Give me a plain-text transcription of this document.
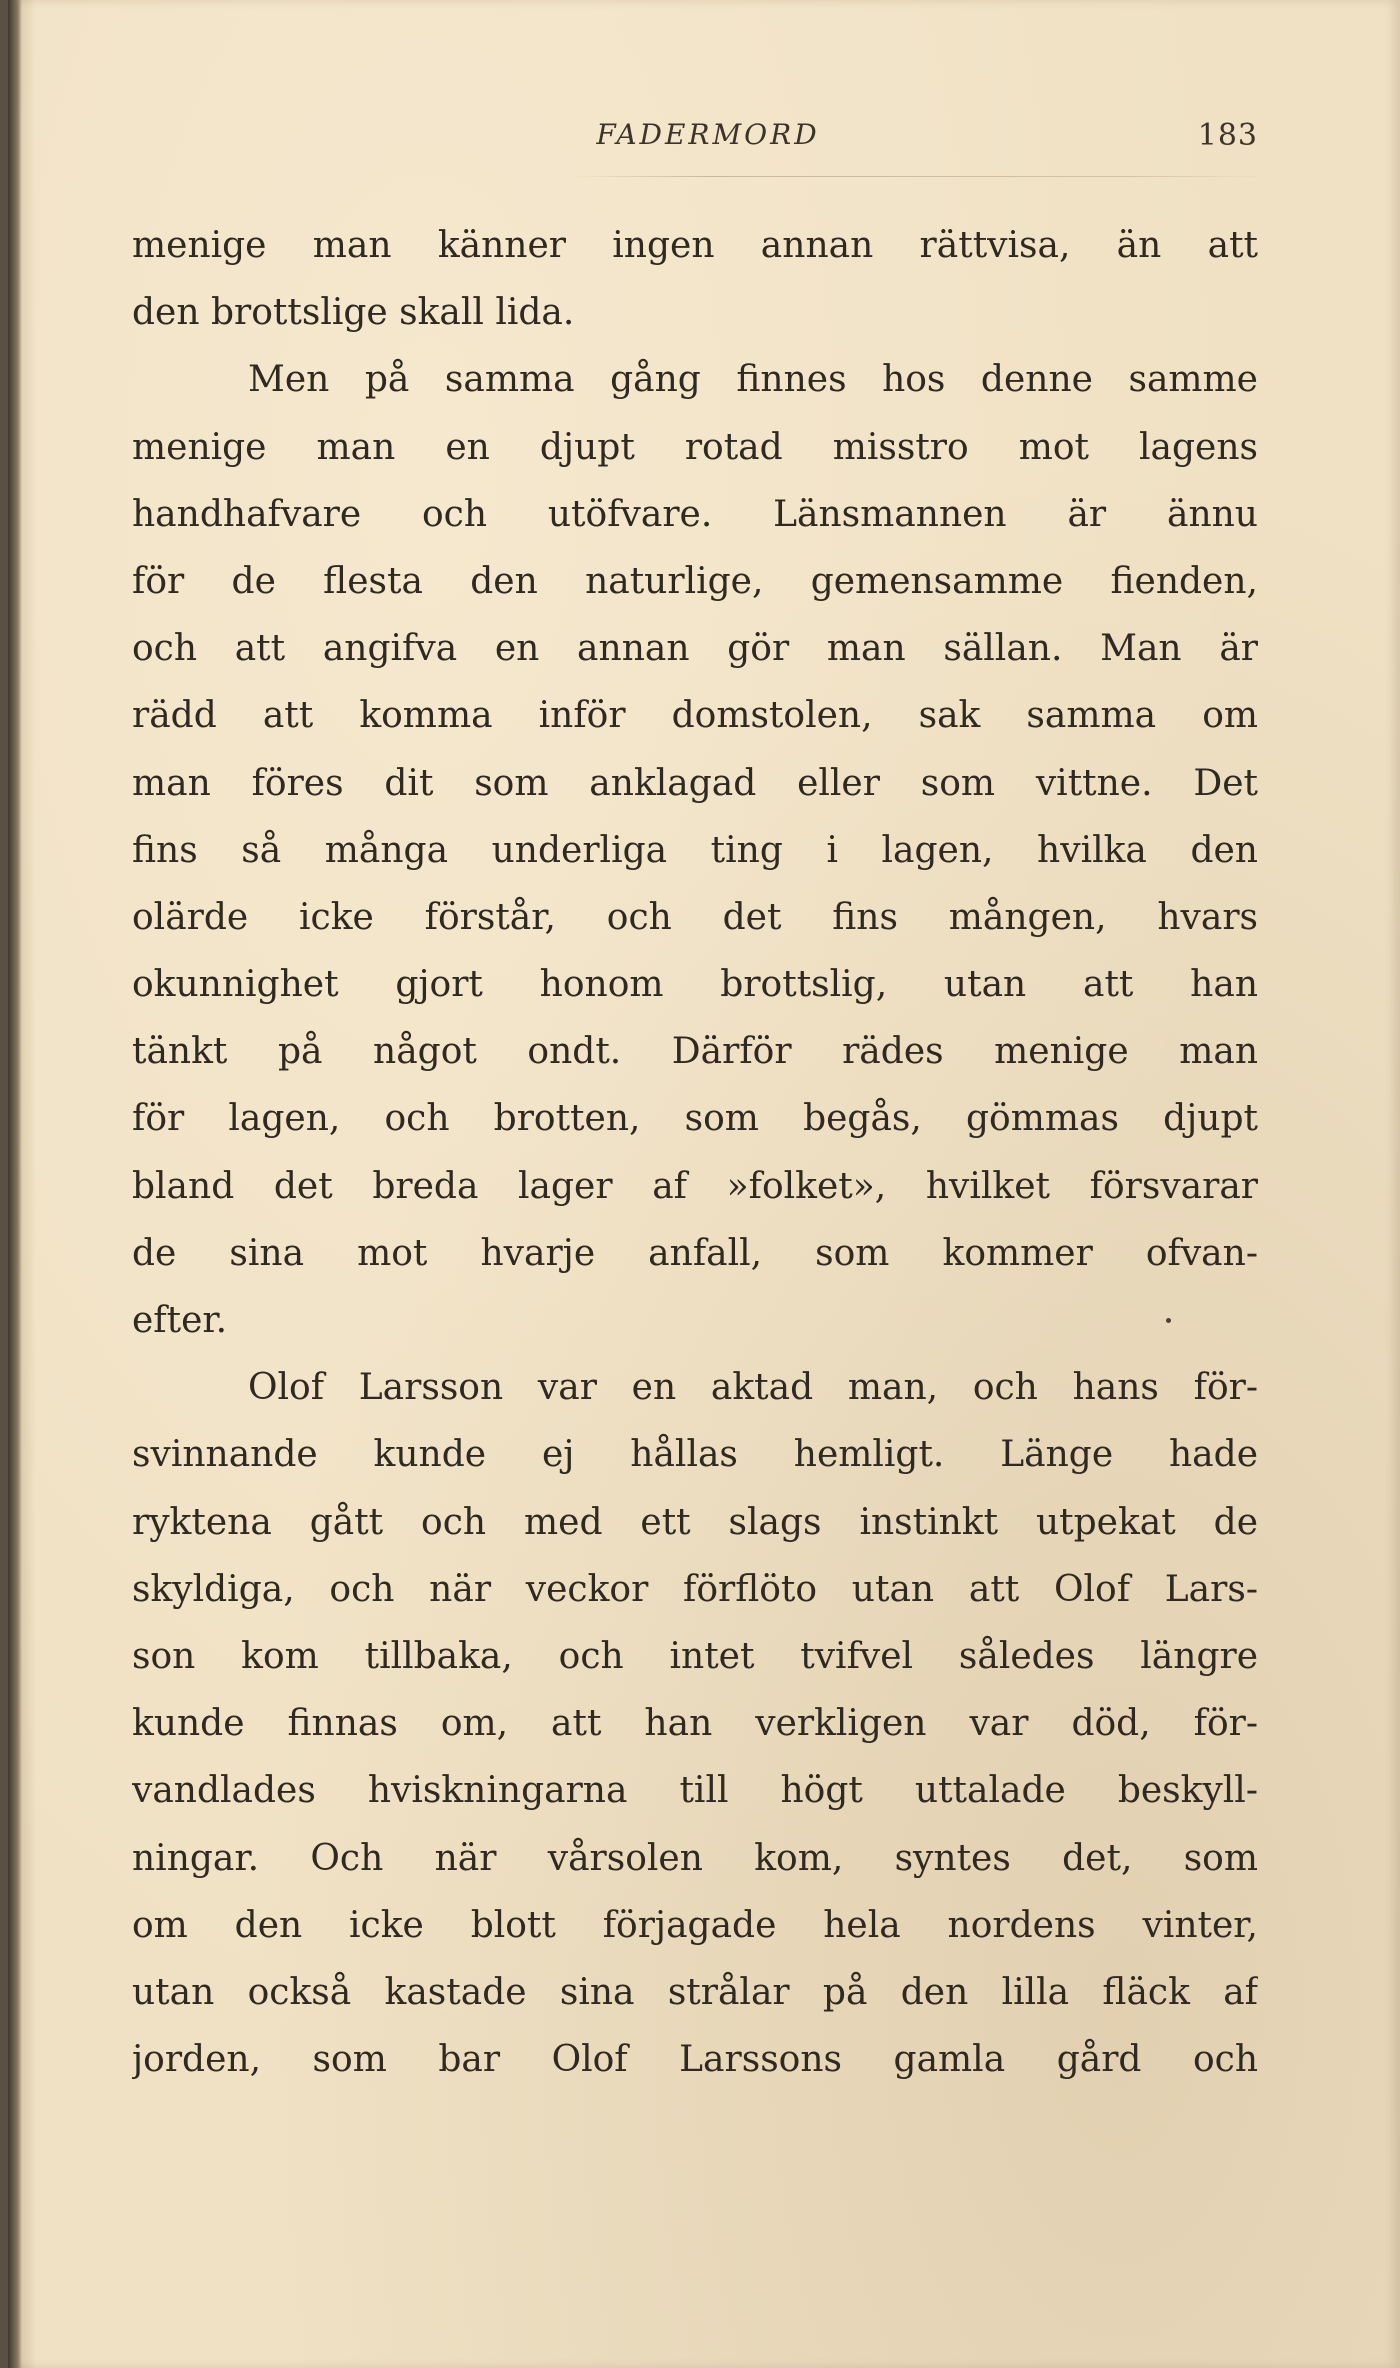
FADERMORD	183
menige man känner ingen annan rättvisa, än att
den brottslige skall lida.
Men på samma gång finnes hos denne samme
menige man en djupt rotad misstro mot lagens
handhafvare och utöfvare. Länsmannen är ännu
för de flesta den naturlige, gemensamme fienden,
och att angifva en annan gör man sällan. Man är
rädd att komma inför domstolen, sak samma om
man föres dit som anklagad eller som vittne. Det
fins så många underliga ting i lagen, hvilka den
olärde icke förstår, och det fins mången, hvars
okunnighet gjort honom brottslig, utan att han
tänkt på något ondt. Därför rädes menige man
för lagen, och brotten, som begås, gömmas djupt
bland det breda lager af »folket», hvilket försvarar
de sina mot hvarje anfall, som kommer ofvan-
efter.
Olof Larsson var en aktad man, och hans för-
svinnande kunde ej hållas hemligt. Länge hade
ryktena gått och med ett slags instinkt utpekat de
skyldiga, och när veckor förflöto utan att Olof Lars-
son kom tillbaka, och intet tvifvel således längre
kunde finnas om, att han verkligen var död, för-
vandlades hviskningarna till högt uttalade beskyll-
ningar. Och när vårsolen kom, syntes det, som
om den icke blott förjagade hela nordens vinter,
utan också kastade sina strålar på den lilla fläck af
jorden, som bar Olof Larssons gamla gård och
